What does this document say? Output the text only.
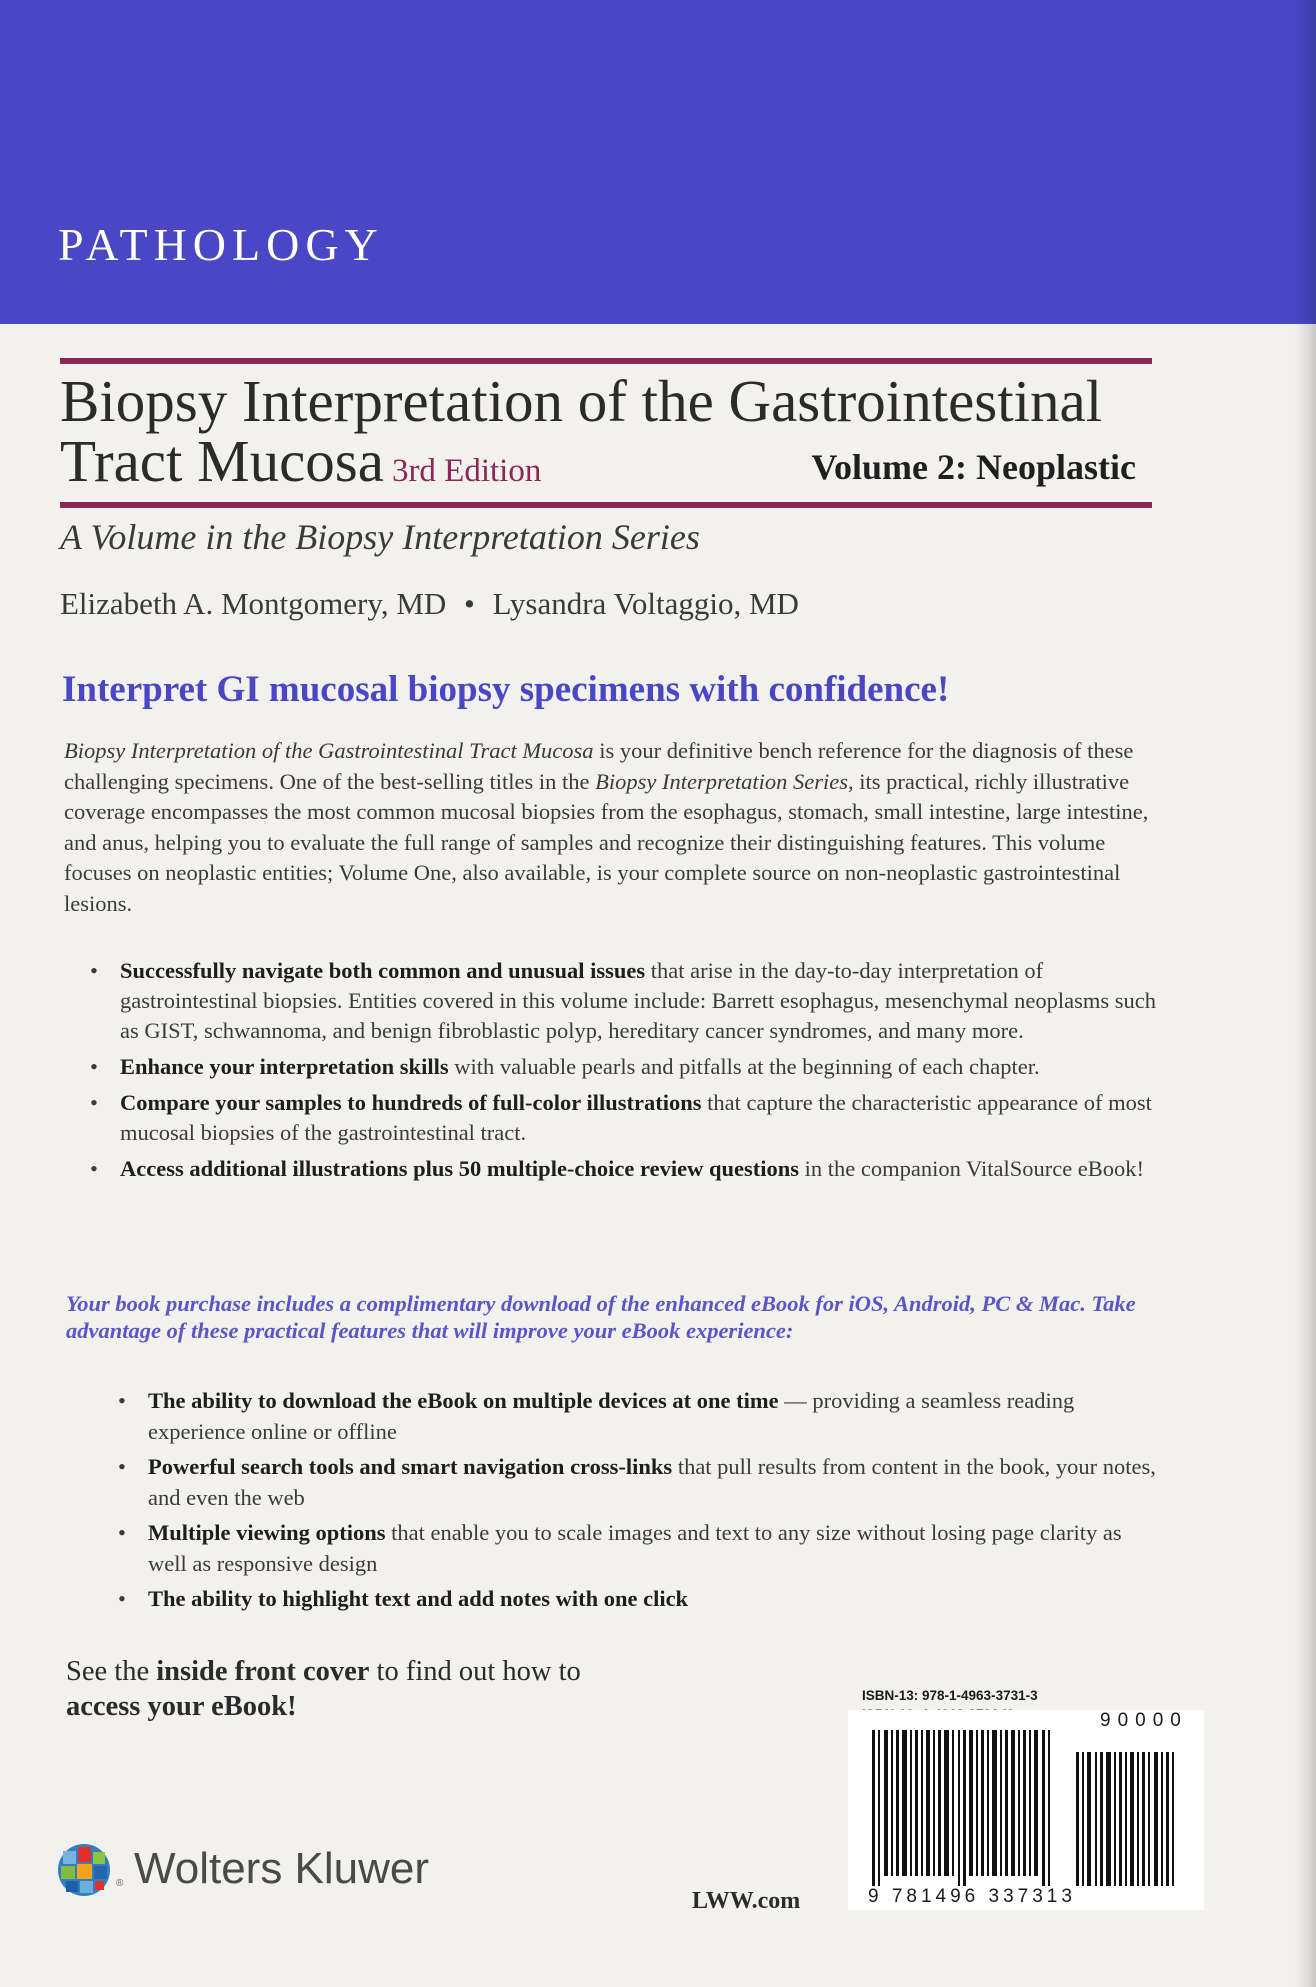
PATHOLOGY
Biopsy Interpretation of the Gastrointestinal
Tract Mucosa 3rd Edition	Volume 2: Neoplastic
A Volume in the Biopsy Interpretation Series
Elizabeth A. Montgomery, MD • Lysandra Voltaggio, MD
Interpret GI mucosal biopsy specimens with confidence!
Biopsy Interpretation of the Gastrointestinal Tract Mucosa is your definitive bench reference for the diagnosis of these challenging specimens. One of the best-selling titles in the Biopsy Interpretation Series, its practical, richly illustrative coverage encompasses the most common mucosal biopsies from the esophagus, stomach, small intestine, large intestine, and anus, helping you to evaluate the full range of samples and recognize their distinguishing features. This volume focuses on neoplastic entities; Volume One, also available, is your complete source on non-neoplastic gastrointestinal lesions.
• Successfully navigate both common and unusual issues that arise in the day-to-day interpretation of gastrointestinal biopsies. Entities covered in this volume include: Barrett esophagus, mesenchymal neoplasms such as GIST, schwannoma, and benign fibroblastic polyp, hereditary cancer syndromes, and many more.
• Enhance your interpretation skills with valuable pearls and pitfalls at the beginning of each chapter.
• Compare your samples to hundreds of full-color illustrations that capture the characteristic appearance of most mucosal biopsies of the gastrointestinal tract.
• Access additional illustrations plus 50 multiple-choice review questions in the companion VitalSource eBook!
Your book purchase includes a complimentary download of the enhanced eBook for iOS, Android, PC & Mac. Take advantage of these practical features that will improve your eBook experience:
• The ability to download the eBook on multiple devices at one time — providing a seamless reading experience online or offline
• Powerful search tools and smart navigation cross-links that pull results from content in the book, your notes, and even the web
• Multiple viewing options that enable you to scale images and text to any size without losing page clarity as well as responsive design
• The ability to highlight text and add notes with one click
See the inside front cover to find out how to access your eBook!
® Wolters Kluwer
LWW.com
ISBN-13: 978-1-4963-3731-3
90000
9 781496 337313
